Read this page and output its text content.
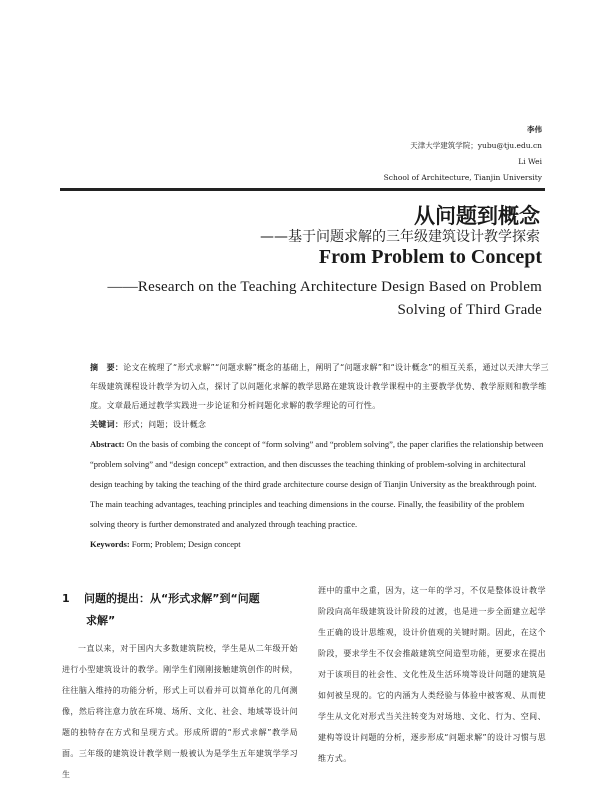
李伟
天津大学建筑学院；yubu@tju.edu.cn
Li Wei
School of Architecture, Tianjin University
从问题到概念
——基于问题求解的三年级建筑设计教学探索
From Problem to Concept
——Research on the Teaching Architecture Design Based on Problem Solving of Third Grade

摘　要：论文在梳理了“形式求解”“问题求解”概念的基础上，阐明了“问题求解”和“设计概念”的相互关系，通过以天津大学三年级建筑课程设计教学为切入点，探讨了以问题化求解的教学思路在建筑设计教学课程中的主要教学优势、教学原则和教学维度。文章最后通过教学实践进一步论证和分析问题化求解的教学理论的可行性。

关键词：形式；问题；设计概念

Abstract: On the basis of combing the concept of “form solving” and “problem solving”, the paper clarifies the relationship between “problem solving” and “design concept” extraction, and then discusses the teaching thinking of problem-solving in architectural design teaching by taking the teaching of the third grade architecture course design of Tianjin University as the breakthrough point. The main teaching advantages, teaching principles and teaching dimensions in the course. Finally, the feasibility of the problem solving theory is further demonstrated and analyzed through teaching practice.

Keywords: Form; Problem; Design concept

1 问题的提出：从“形式求解”到“问题
求解”

一直以来，对于国内大多数建筑院校，学生是从二年级开始进行小型建筑设计的教学。刚学生们刚刚接触建筑创作的时候，往往脑入维持的功能分析，形式上可以看并可以简单化的几何测像，然后将注意力放在环境、场所、文化、社会、地域等设计问题的独特存在方式和呈现方式。形成所谓的“形式求解”教学局面。三年级的建筑设计教学则一般被认为是学生五年建筑学学习生

涯中的重中之重，因为，这一年的学习，不仅是整体设计教学阶段向高年级建筑设计阶段的过渡，也是进一步全面建立起学生正确的设计思维观，设计价值观的关键时期。因此，在这个阶段，要求学生不仅会推敲建筑空间造型功能，更要求在提出对于该项目的社会性、文化性及生活环境等设计问题的建筑是如何被呈现的。它的内涵为人类经验与体验中被客观、从而使学生从文化对形式当关注转变为对场地、文化、行为、空间、建构等设计问题的分析，逐步形成“问题求解”的设计习惯与思维方式。
